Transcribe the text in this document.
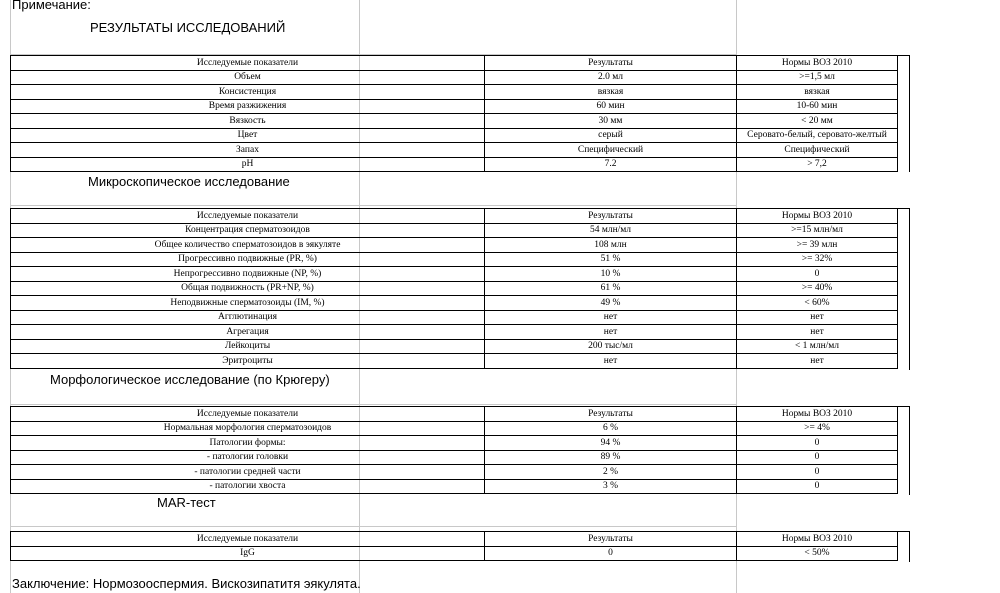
Примечание:
РЕЗУЛЬТАТЫ ИССЛЕДОВАНИЙ
Исследуемые показатели	Результаты	Нормы ВОЗ 2010
Объем	2.0 мл	>=1,5 мл
Консистенция	вязкая	вязкая
Время разжижения	60 мин	10-60 мин
Вязкость	30 мм	< 20 мм
Цвет	серый	Серовато-белый, серовато-желтый
Запах	Специфический	Специфический
pH	7.2	> 7,2
Микроскопическое исследование
Исследуемые показатели	Результаты	Нормы ВОЗ 2010
Концентрация сперматозоидов	54 млн/мл	>=15 млн/мл
Общее количество сперматозоидов в эякуляте	108 млн	>= 39 млн
Прогрессивно подвижные (PR, %)	51 %	>= 32%
Непрогрессивно подвижные (NP, %)	10 %	0
Общая подвижность (PR+NP, %)	61 %	>= 40%
Неподвижные сперматозоиды (IM, %)	49 %	< 60%
Агглютинация	нет	нет
Агрегация	нет	нет
Лейкоциты	200 тыс/мл	< 1 млн/мл
Эритроциты	нет	нет
Морфологическое исследование (по Крюгеру)
Исследуемые показатели	Результаты	Нормы ВОЗ 2010
Нормальная морфология сперматозоидов	6 %	>= 4%
Патологии формы:	94 %	0
- патологии головки	89 %	0
- патологии средней части	2 %	0
- патологии хвоста	3 %	0
MAR-тест
Исследуемые показатели	Результаты	Нормы ВОЗ 2010
IgG	0	< 50%
Заключение: Нормозооспермия. Вискозипатитя эякулята.
